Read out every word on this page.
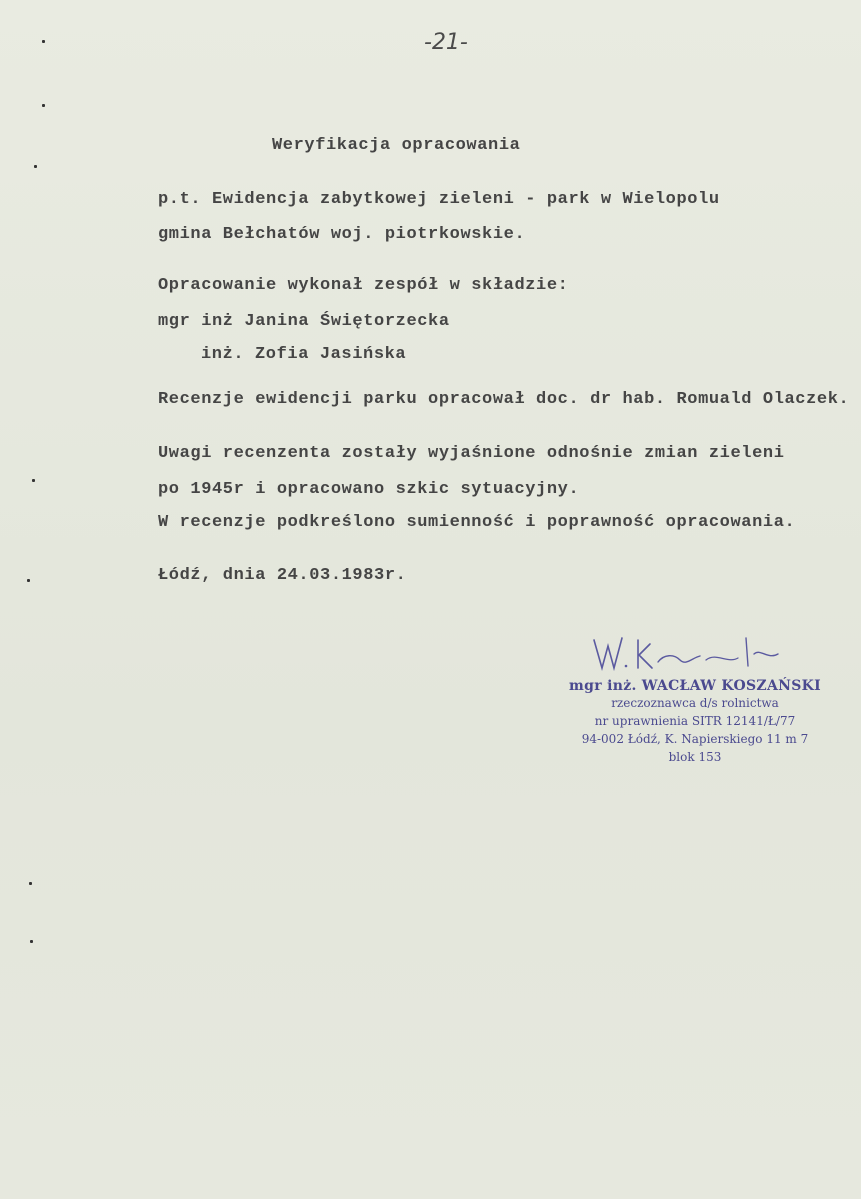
-21-
Weryfikacja opracowania
p.t. Ewidencja zabytkowej zieleni - park w Wielopolu
gmina Bełchatów woj. piotrkowskie.
Opracowanie wykonał zespół w składzie:
mgr inż Janina Świętorzecka
inż. Zofia Jasińska
Recenzje ewidencji parku opracował doc. dr hab. Romuald Olaczek.
Uwagi recenzenta zostały wyjaśnione odnośnie zmian zieleni
po 1945r i opracowano szkic sytuacyjny.
W recenzje podkreślono sumienność i poprawność opracowania.
Łódź, dnia 24.03.1983r.
mgr inż. WACŁAW KOSZAŃSKI
rzeczoznawca d/s rolnictwa
nr uprawnienia SITR 12141/Ł/77
94-002 Łódź, K. Napierskiego 11 m 7
blok 153
